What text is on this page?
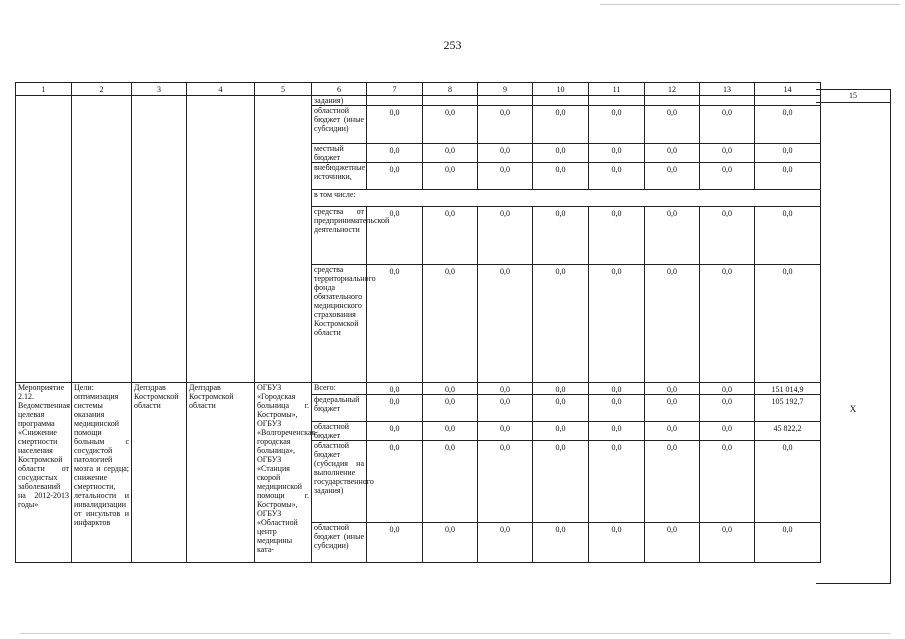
253
1	2	3	4	5	6	7	8	9	10	11	12	13	14
					задания)								
					областной бюджет (иные субсидии)	0,0	0,0	0,0	0,0	0,0	0,0	0,0	0,0
					местный бюджет	0,0	0,0	0,0	0,0	0,0	0,0	0,0	0,0
					внебюджетные источники,	0,0	0,0	0,0	0,0	0,0	0,0	0,0	0,0
					в том числе:								
					средства от предпринимательской деятельности	0,0	0,0	0,0	0,0	0,0	0,0	0,0	0,0
					средства территориального фонда обязательного медицинского страхования Костромской области	0,0	0,0	0,0	0,0	0,0	0,0	0,0	0,0
Мероприятие 2.12. Ведомственная целевая программа «Снижение смертности населения Костромской области от сосудистых заболеваний на 2012-2013 годы»	Цели: оптимизация системы оказания медицинской помощи больным с сосудистой патологией мозга и сердца; снижение смертности, летальности и инвалидизации от инсультов и инфарктов	Депздрав Костромской области	Депздрав Костромской области	ОГБУЗ «Городская больница г. Костромы», ОГБУЗ «Волгореченская городская больница», ОГБУЗ «Станция скорой медицинской помощи г. Костромы», ОГБУЗ «Областной центр медицины ката-	Всего:	0,0	0,0	0,0	0,0	0,0	0,0	0,0	151 014,9
					федеральный бюджет	0,0	0,0	0,0	0,0	0,0	0,0	0,0	105 192,7
					областной бюджет	0,0	0,0	0,0	0,0	0,0	0,0	0,0	45 822,2
					областной бюджет (субсидия на выполнение государственного задания)	0,0	0,0	0,0	0,0	0,0	0,0	0,0	0,0
					областной бюджет (иные субсидии)	0,0	0,0	0,0	0,0	0,0	0,0	0,0	0,0
15
Х
